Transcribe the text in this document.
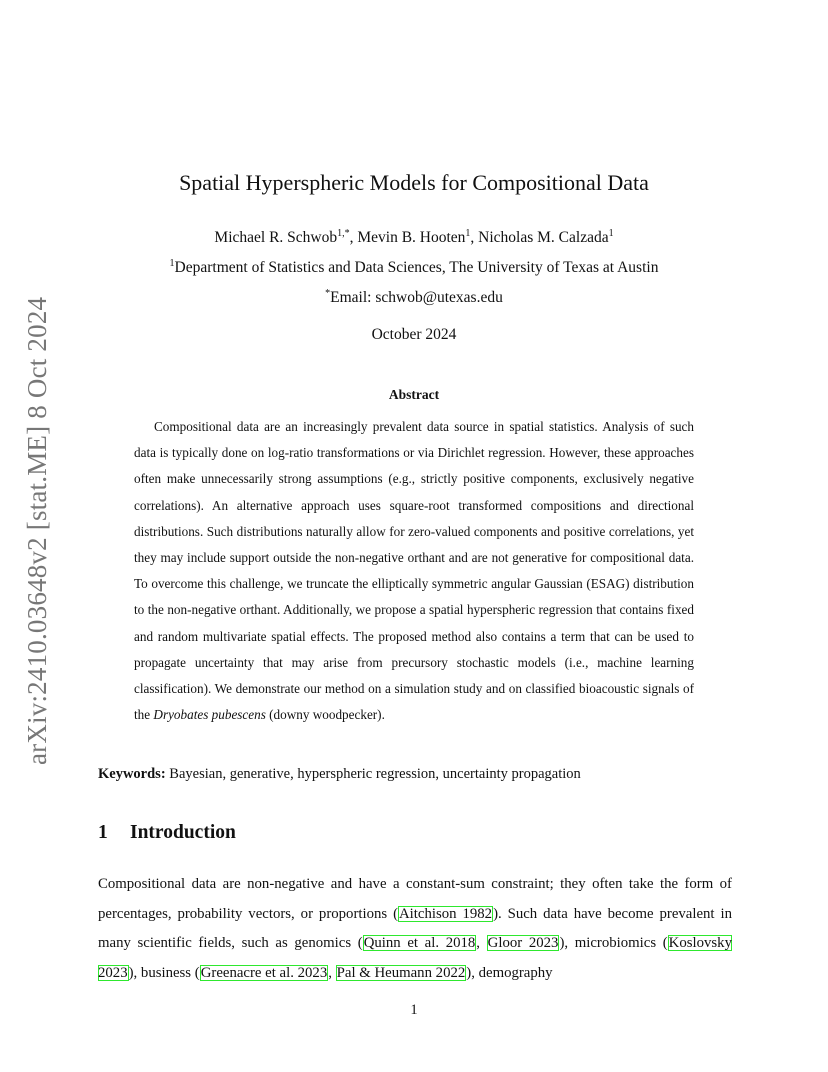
arXiv:2410.03648v2 [stat.ME] 8 Oct 2024
Spatial Hyperspheric Models for Compositional Data
Michael R. Schwob$^{1,*}$, Mevin B. Hooten$^1$, Nicholas M. Calzada$^1$
$^1$Department of Statistics and Data Sciences, The University of Texas at Austin
*Email: schwob@utexas.edu
October 2024
Abstract
Compositional data are an increasingly prevalent data source in spatial statistics. Analysis of such data is typically done on log-ratio transformations or via Dirichlet regression. However, these approaches often make unnecessarily strong assumptions (e.g., strictly positive components, exclusively negative correlations). An alternative approach uses square-root transformed compositions and directional distributions. Such distributions naturally allow for zero-valued components and positive correlations, yet they may include support outside the non-negative orthant and are not generative for compositional data. To overcome this challenge, we truncate the elliptically symmetric angular Gaussian (ESAG) distribution to the non-negative orthant. Additionally, we propose a spatial hyperspheric regression that contains fixed and random multivariate spatial effects. The proposed method also contains a term that can be used to propagate uncertainty that may arise from precursory stochastic models (i.e., machine learning classification). We demonstrate our method on a simulation study and on classified bioacoustic signals of the Dryobates pubescens (downy woodpecker).
Keywords: Bayesian, generative, hyperspheric regression, uncertainty propagation
1 Introduction
Compositional data are non-negative and have a constant-sum constraint; they often take the form of percentages, probability vectors, or proportions (Aitchison 1982). Such data have become prevalent in many scientific fields, such as genomics (Quinn et al. 2018, Gloor 2023), microbiomics (Koslovsky 2023), business (Greenacre et al. 2023, Pal & Heumann 2022), demography
1
